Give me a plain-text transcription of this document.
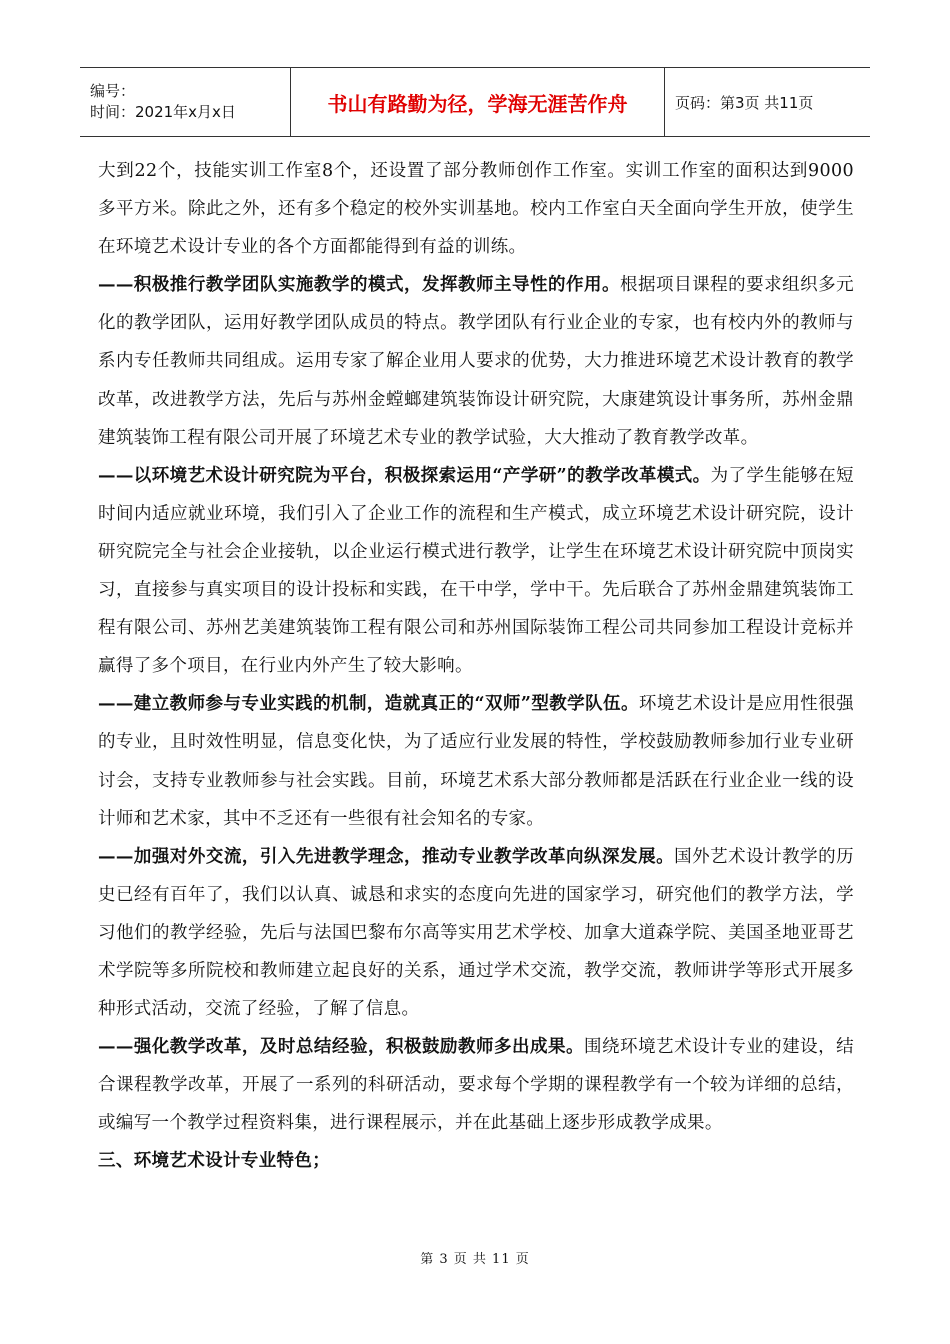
编号：
时间：2021年x月x日	书山有路勤为径，学海无涯苦作舟	页码：第3页 共11页

大到22个，技能实训工作室8个，还设置了部分教师创作工作室。实训工作室的面积达到9000多平方米。除此之外，还有多个稳定的校外实训基地。校内工作室白天全面向学生开放，使学生在环境艺术设计专业的各个方面都能得到有益的训练。

——积极推行教学团队实施教学的模式，发挥教师主导性的作用。根据项目课程的要求组织多元化的教学团队，运用好教学团队成员的特点。教学团队有行业企业的专家，也有校内外的教师与系内专任教师共同组成。运用专家了解企业用人要求的优势，大力推进环境艺术设计教育的教学改革，改进教学方法，先后与苏州金螳螂建筑装饰设计研究院，大康建筑设计事务所，苏州金鼎建筑装饰工程有限公司开展了环境艺术专业的教学试验，大大推动了教育教学改革。

——以环境艺术设计研究院为平台，积极探索运用“产学研”的教学改革模式。为了学生能够在短时间内适应就业环境，我们引入了企业工作的流程和生产模式，成立环境艺术设计研究院，设计研究院完全与社会企业接轨，以企业运行模式进行教学，让学生在环境艺术设计研究院中顶岗实习，直接参与真实项目的设计投标和实践，在干中学，学中干。先后联合了苏州金鼎建筑装饰工程有限公司、苏州艺美建筑装饰工程有限公司和苏州国际装饰工程公司共同参加工程设计竞标并赢得了多个项目，在行业内外产生了较大影响。

——建立教师参与专业实践的机制，造就真正的“双师”型教学队伍。环境艺术设计是应用性很强的专业，且时效性明显，信息变化快，为了适应行业发展的特性，学校鼓励教师参加行业专业研讨会，支持专业教师参与社会实践。目前，环境艺术系大部分教师都是活跃在行业企业一线的设计师和艺术家，其中不乏还有一些很有社会知名的专家。

——加强对外交流，引入先进教学理念，推动专业教学改革向纵深发展。国外艺术设计教学的历史已经有百年了，我们以认真、诚恳和求实的态度向先进的国家学习，研究他们的教学方法，学习他们的教学经验，先后与法国巴黎布尔高等实用艺术学校、加拿大道森学院、美国圣地亚哥艺术学院等多所院校和教师建立起良好的关系，通过学术交流，教学交流，教师讲学等形式开展多种形式活动，交流了经验，了解了信息。

——强化教学改革，及时总结经验，积极鼓励教师多出成果。围绕环境艺术设计专业的建设，结合课程教学改革，开展了一系列的科研活动，要求每个学期的课程教学有一个较为详细的总结，或编写一个教学过程资料集，进行课程展示，并在此基础上逐步形成教学成果。

三、环境艺术设计专业特色；

第 3 页 共 11 页
